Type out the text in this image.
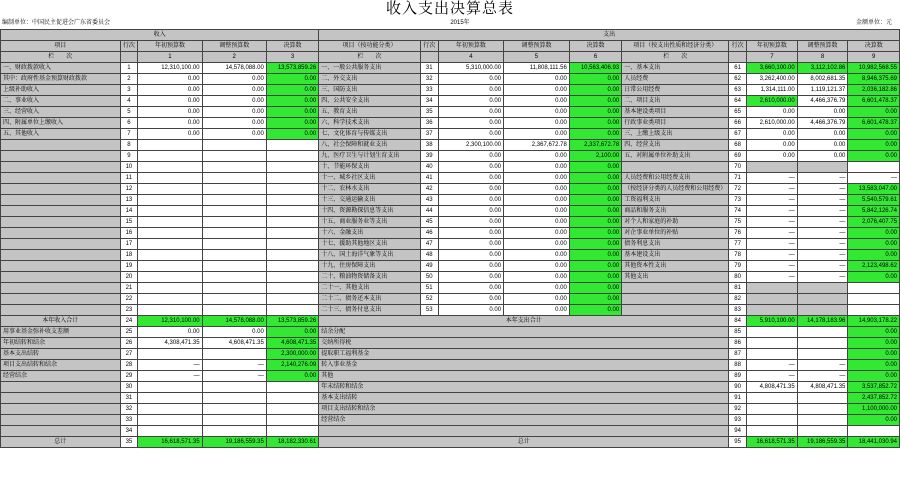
收入支出决算总表
编制单位：中国民主促进会广东省委员会	2015年	金额单位：元
收入					支出									
项目	行次	年初预算数	调整预算数	决算数	项目（按功能分类）	行次	年初预算数	调整预算数	决算数	项目（按支出性质和经济分类）	行次	年初预算数	调整预算数	决算数
栏　　次		1	2	3	栏　　次		4	5	6	栏　　次		7	8	9
一、财政拨款收入	1	12,310,100.00	14,578,088.00	13,573,859.26	一、一般公共服务支出	31	5,310,000.00	11,808,111.56	10,563,406.93	一、基本支出	61	3,660,100.00	3,112,102.86	10,982,568.55
其中：政府性基金预算财政拨款	2	0.00	0.00	0.00	二、外交支出	32	0.00	0.00	0.00	人员经费	62	3,262,400.00	8,002,681.35	8,946,375.69
上级补助收入	3	0.00	0.00	0.00	三、国防支出	33	0.00	0.00	0.00	日常公用经费	63	1,314,111.00	1,119,121.37	2,036,182.86
二、事业收入	4	0.00	0.00	0.00	四、公共安全支出	34	0.00	0.00	0.00	二、项目支出	64	2,610,000.00	4,466,376.79	6,601,478.37
三、经营收入	5	0.00	0.00	0.00	五、教育支出	35	0.00	0.00	0.00	基本建设类项目	65	0.00	0.00	0.00
四、附属单位上缴收入	6	0.00	0.00	0.00	六、科学技术支出	36	0.00	0.00	0.00	行政事业类项目	66	2,610,000.00	4,466,376.79	6,601,478.37
五、其他收入	7	0.00	0.00	0.00	七、文化体育与传媒支出	37	0.00	0.00	0.00	三、上缴上级支出	67	0.00	0.00	0.00
	8				八、社会保障和就业支出	38	2,300,100.00	2,367,672.78	2,337,672.78	四、经营支出	68	0.00	0.00	0.00
	9				九、医疗卫生与计划生育支出	39	0.00	0.00	2,100.00	五、对附属单位补助支出	69	0.00	0.00	0.00
	10				十、节能环保支出	40	0.00	0.00	0.00		70			
	11				十一、城乡社区支出	41	0.00	0.00	0.00	人员经费和公用经费支出	71	—	—	—
	12				十二、农林水支出	42	0.00	0.00	0.00	（按经济分类的人员经费和公用经费）	72	—	—	13,583,047.00
	13				十三、交通运输支出	43	0.00	0.00	0.00	工资福利支出	73	—	—	5,540,579.61
	14				十四、资源勘探信息等支出	44	0.00	0.00	0.00	商品和服务支出	74	—	—	5,842,126.74
	15				十五、商业服务业等支出	45	0.00	0.00	0.00	对个人和家庭的补助	75	—	—	2,076,407.75
	16				十六、金融支出	46	0.00	0.00	0.00	对企事业单位的补贴	76	—	—	0.00
	17				十七、援助其他地区支出	47	0.00	0.00	0.00	债务利息支出	77	—	—	0.00
	18				十八、国土海洋气象等支出	48	0.00	0.00	0.00	基本建设支出	78	—	—	0.00
	19				十九、住房保障支出	49	0.00	0.00	0.00	其他资本性支出	79	—	—	2,123,498.62
	20				二十、粮油物资储备支出	50	0.00	0.00	0.00	其他支出	80	—	—	0.00
	21				二十一、其他支出	51	0.00	0.00	0.00		81			
	22				二十二、债务还本支出	52	0.00	0.00	0.00		82			
	23				二十三、债务付息支出	53	0.00	0.00	0.00		83			
本年收入合计	24	12,310,100.00	14,578,088.00	13,573,859.26	本年支出合计						84	5,910,100.00	14,178,183.96	14,903,178.22
用事业基金弥补收支差额	25	0.00	0.00	0.00	结余分配						85			0.00
年初结转和结余	26	4,308,471.35	4,608,471.35	4,608,471.35	交纳所得税						86			0.00
基本支出结转	27			2,300,000.00	提取职工福利基金						87			0.00
项目支出结转和结余	28	—	—	2,140,276.09	转入事业基金						88	—	—	0.00
经营结余	29	—	—	0.00	其他						89	—	—	0.00
	30				年末结转和结余						90	4,808,471.35	4,808,471.35	3,537,852.72
	31				基本支出结转						91			2,437,852.72
	32				项目支出结转和结余						92			1,100,000.00
	33				经营结余						93			0.00
	34										94			
总计	35	16,618,571.35	19,186,559.35	18,182,330.61	总计						95	16,618,571.35	19,186,559.35	18,441,030.94
